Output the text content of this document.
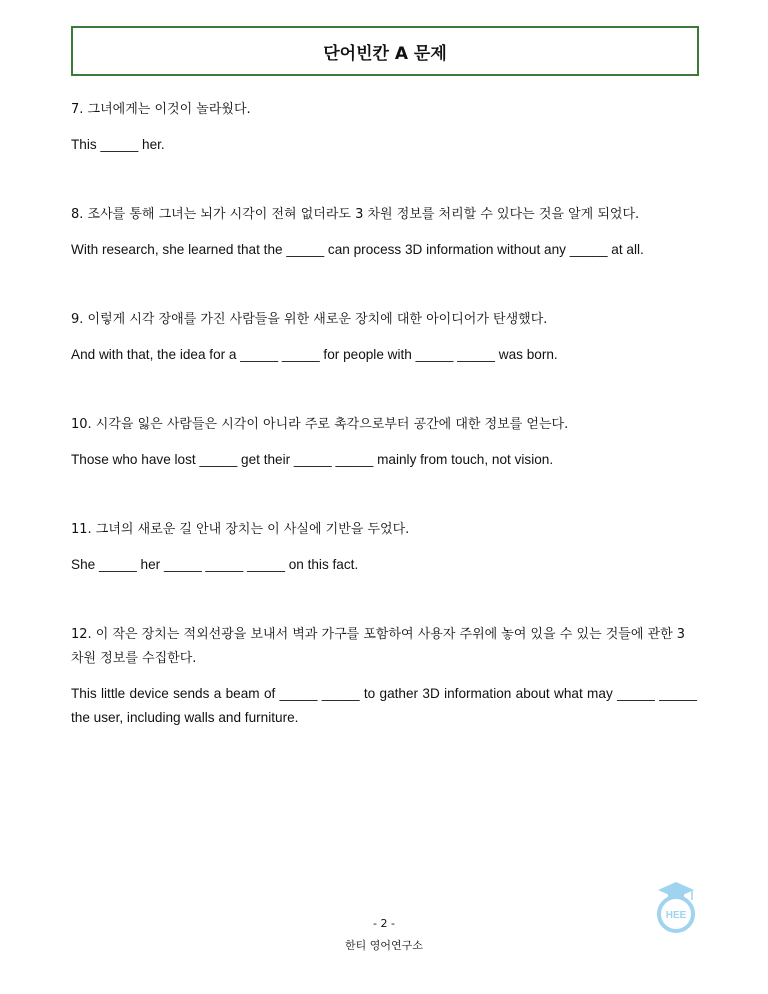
단어빈칸 A 문제

7. 그녀에게는 이것이 놀라웠다.

This _____ her.

8. 조사를 통해 그녀는 뇌가 시각이 전혀 없더라도 3 차원 정보를 처리할 수 있다는 것을 알게 되었다.

With research, she learned that the _____ can process 3D information without any _____ at all.

9. 이렇게 시각 장애를 가진 사람들을 위한 새로운 장치에 대한 아이디어가 탄생했다.

And with that, the idea for a _____ _____ for people with _____ _____ was born.

10. 시각을 잃은 사람들은 시각이 아니라 주로 촉각으로부터 공간에 대한 정보를 얻는다.

Those who have lost _____ get their _____ _____ mainly from touch, not vision.

11. 그녀의 새로운 길 안내 장치는 이 사실에 기반을 두었다.

She _____ her _____ _____ _____ on this fact.

12. 이 작은 장치는 적외선광을 보내서 벽과 가구를 포함하여 사용자 주위에 놓여 있을 수 있는 것들에 관한 3 차원 정보를 수집한다.

This little device sends a beam of _____ _____ to gather 3D information about what may _____ _____ the user, including walls and furniture.

- 2 -
한티 영어연구소
HEE
